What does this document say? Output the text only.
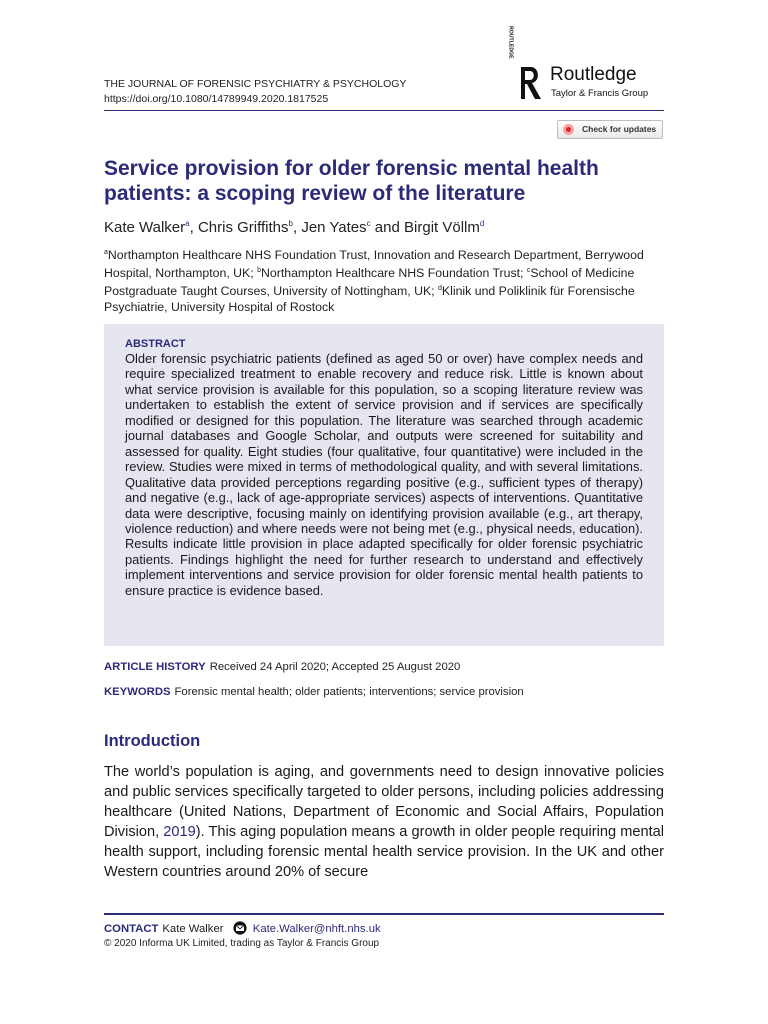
THE JOURNAL OF FORENSIC PSYCHIATRY & PSYCHOLOGY
https://doi.org/10.1080/14789949.2020.1817525
ROUTLEDGE
Routledge
Taylor & Francis Group
Check for updates
Service provision for older forensic mental health patients: a scoping review of the literature
Kate Walker$^a$, Chris Griffiths$^b$, Jen Yates$^c$ and Birgit Völlm$^d$
$^a$Northampton Healthcare NHS Foundation Trust, Innovation and Research Department, Berrywood Hospital, Northampton, UK; $^b$Northampton Healthcare NHS Foundation Trust; $^c$School of Medicine Postgraduate Taught Courses, University of Nottingham, UK; $^d$Klinik und Poliklinik für Forensische Psychiatrie, University Hospital of Rostock
ABSTRACT
Older forensic psychiatric patients (defined as aged 50 or over) have complex needs and require specialized treatment to enable recovery and reduce risk. Little is known about what service provision is available for this population, so a scoping literature review was undertaken to establish the extent of service provision and if services are specifically modified or designed for this population. The literature was searched through academic journal databases and Google Scholar, and outputs were screened for suitability and assessed for quality. Eight studies (four qualitative, four quantitative) were included in the review. Studies were mixed in terms of methodological quality, and with several limitations. Qualitative data provided perceptions regarding positive (e.g., sufficient types of therapy) and negative (e.g., lack of age-appropriate services) aspects of interventions. Quantitative data were descriptive, focusing mainly on identifying provision available (e.g., art therapy, violence reduction) and where needs were not being met (e.g., physical needs, education). Results indicate little provision in place adapted specifically for older forensic psychiatric patients. Findings highlight the need for further research to understand and effectively implement interventions and service provision for older forensic mental health patients to ensure practice is evidence based.
ARTICLE HISTORY Received 24 April 2020; Accepted 25 August 2020
KEYWORDS Forensic mental health; older patients; interventions; service provision
Introduction
The world’s population is aging, and governments need to design innovative policies and public services specifically targeted to older persons, including policies addressing healthcare (United Nations, Department of Economic and Social Affairs, Population Division, 2019). This aging population means a growth in older people requiring mental health support, including forensic mental health service provision. In the UK and other Western countries around 20% of secure
CONTACT Kate Walker	Kate.Walker@nhft.nhs.uk
© 2020 Informa UK Limited, trading as Taylor & Francis Group
